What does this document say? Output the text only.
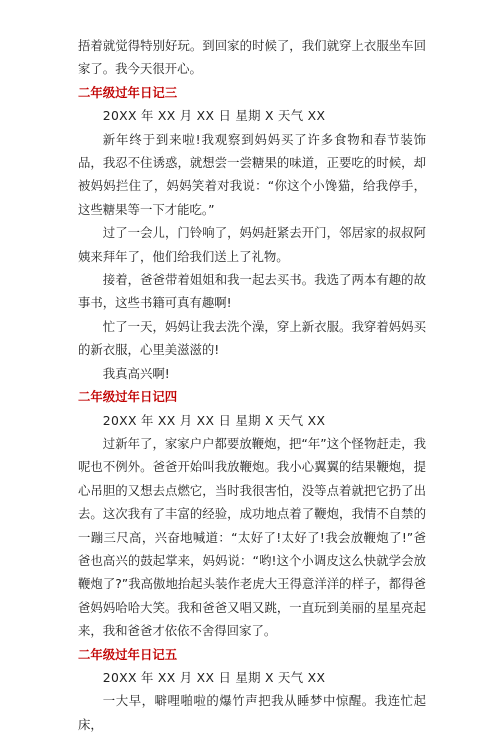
捂着就觉得特别好玩。到回家的时候了，我们就穿上衣服坐车回家了。我今天很开心。

二年级过年日记三

20XX 年 XX 月 XX 日 星期 X 天气 XX

新年终于到来啦!我观察到妈妈买了许多食物和春节装饰品，我忍不住诱惑，就想尝一尝糖果的味道，正要吃的时候，却被妈妈拦住了，妈妈笑着对我说：“你这个小馋猫，给我停手，这些糖果等一下才能吃。”

过了一会儿，门铃响了，妈妈赶紧去开门，邻居家的叔叔阿姨来拜年了，他们给我们送上了礼物。

接着，爸爸带着姐姐和我一起去买书。我选了两本有趣的故事书，这些书籍可真有趣啊!

忙了一天，妈妈让我去洗个澡，穿上新衣服。我穿着妈妈买的新衣服，心里美滋滋的!

我真高兴啊!

二年级过年日记四

20XX 年 XX 月 XX 日 星期 X 天气 XX

过新年了，家家户户都要放鞭炮，把“年”这个怪物赶走，我呢也不例外。爸爸开始叫我放鞭炮。我小心翼翼的结果鞭炮，提心吊胆的又想去点燃它，当时我很害怕，没等点着就把它扔了出去。这次我有了丰富的经验，成功地点着了鞭炮，我情不自禁的一蹦三尺高，兴奋地喊道：“太好了!太好了!我会放鞭炮了!”爸爸也高兴的鼓起掌来，妈妈说：“哟!这个小调皮这么快就学会放鞭炮了?”我高傲地抬起头装作老虎大王得意洋洋的样子，都得爸爸妈妈哈哈大笑。我和爸爸又唱又跳，一直玩到美丽的星星亮起来，我和爸爸才依依不舍得回家了。

二年级过年日记五

20XX 年 XX 月 XX 日 星期 X 天气 XX

一大早，噼哩啪啦的爆竹声把我从睡梦中惊醒。我连忙起床，
